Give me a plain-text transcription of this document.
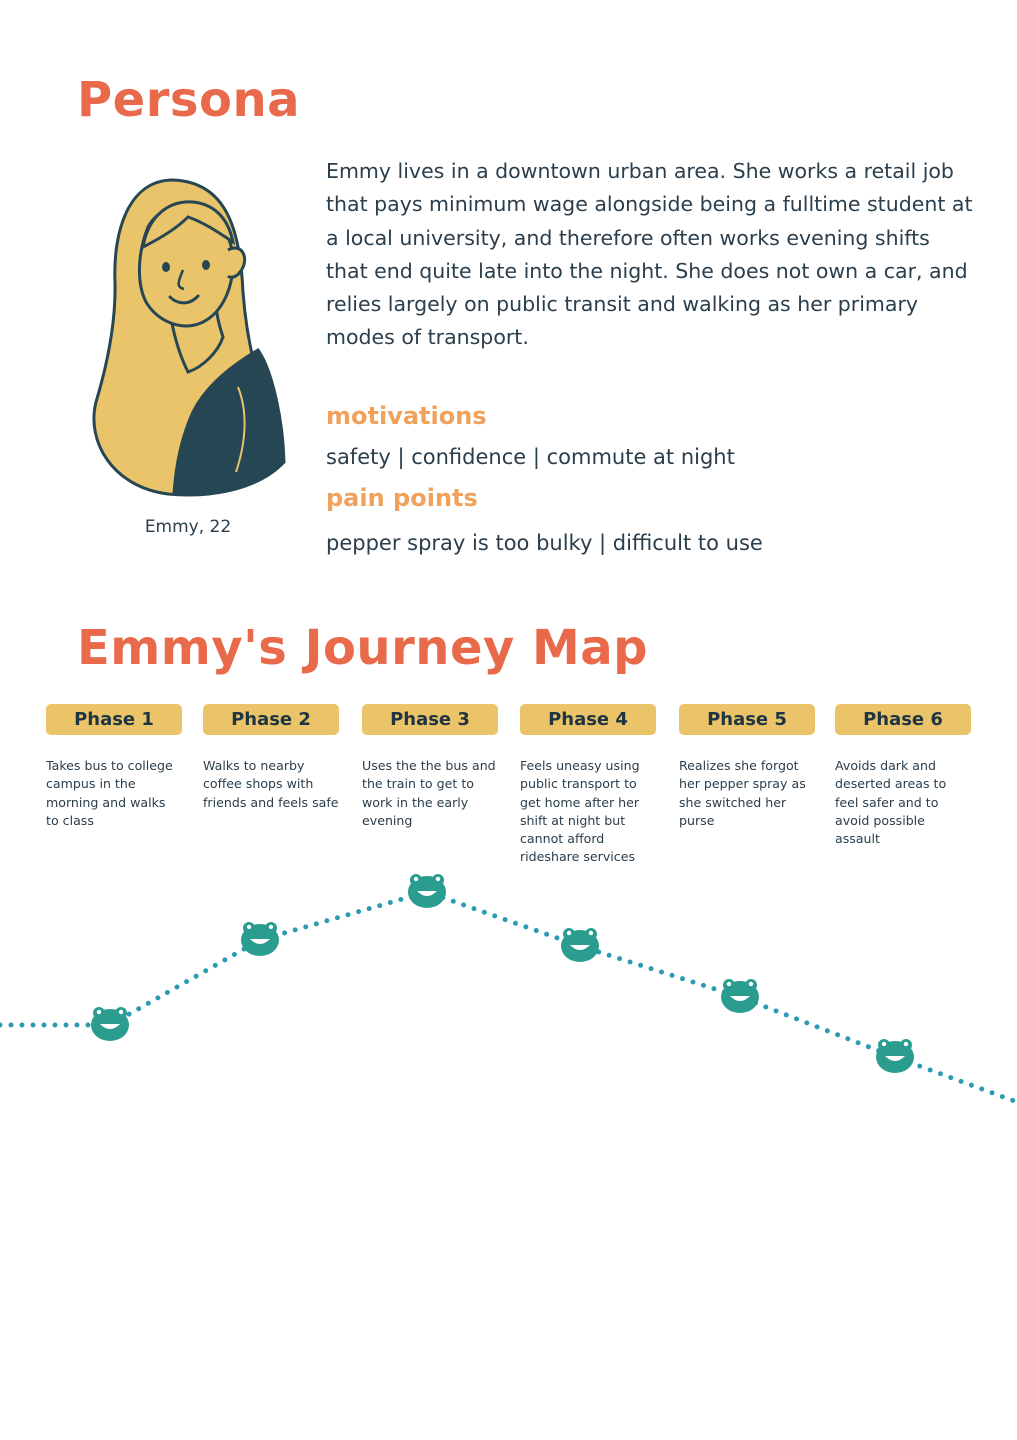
Persona
Emmy, 22

Emmy lives in a downtown urban area. She works a retail job that pays minimum wage alongside being a fulltime student at a local university, and therefore often works evening shifts that end quite late into the night. She does not own a car, and relies largely on public transit and walking as her primary modes of transport.

motivations

safety | confidence | commute at night

pain points

pepper spray is too bulky | difficult to use

Emmy's Journey Map
Phase 1

Takes bus to college campus in the morning and walks to class

Phase 2

Walks to nearby coffee shops with friends and feels safe

Phase 3

Uses the the bus and the train to get to work in the early evening

Phase 4

Feels uneasy using public transport to get home after her shift at night but cannot afford rideshare services

Phase 5

Realizes she forgot her pepper spray as she switched her purse

Phase 6

Avoids dark and deserted areas to feel safer and to avoid possible assault
